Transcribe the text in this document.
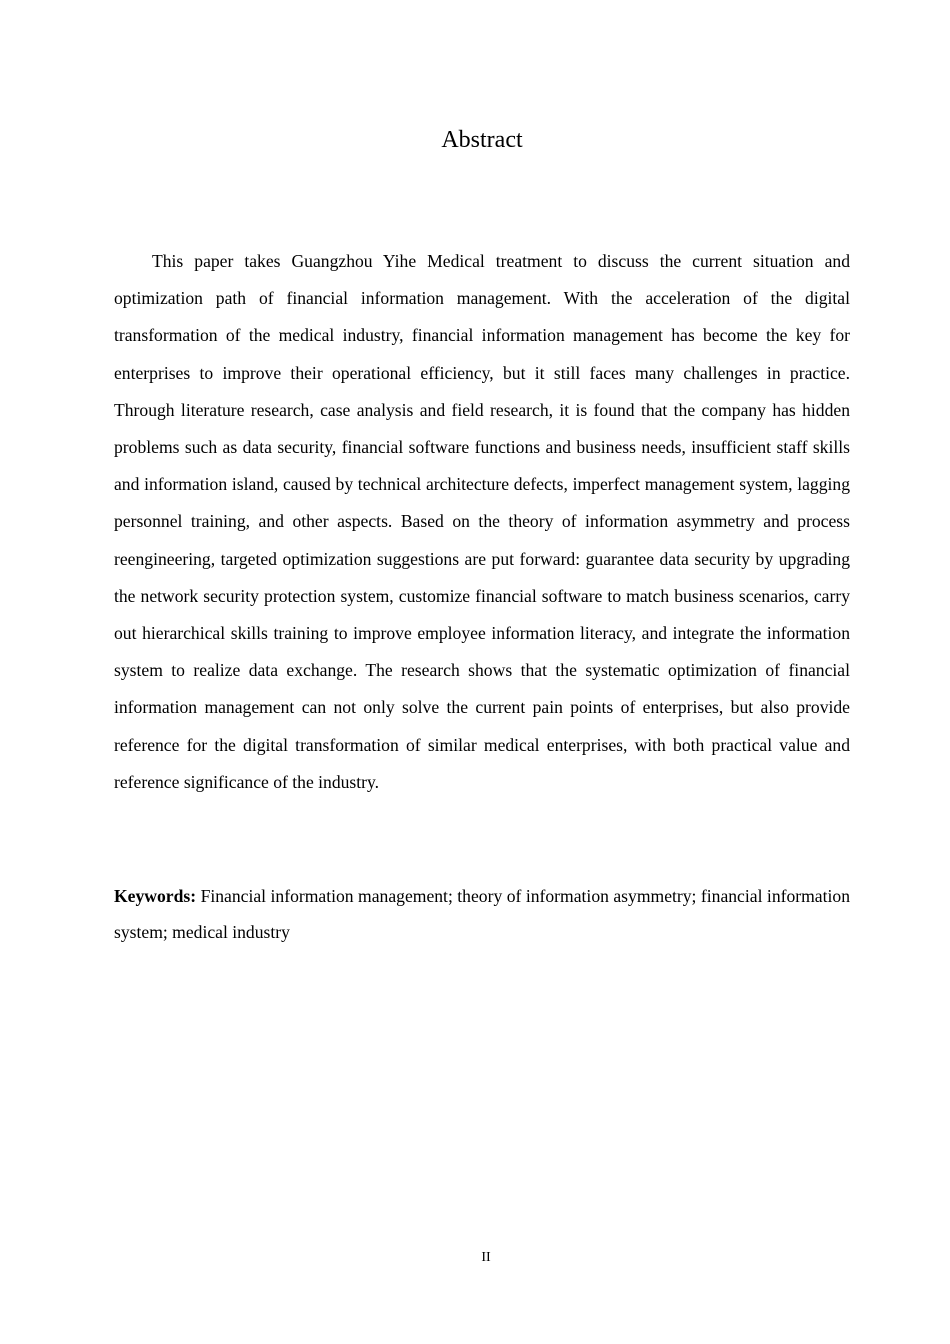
Abstract

This paper takes Guangzhou Yihe Medical treatment to discuss the current situation and optimization path of financial information management. With the acceleration of the digital transformation of the medical industry, financial information management has become the key for enterprises to improve their operational efficiency, but it still faces many challenges in practice. Through literature research, case analysis and field research, it is found that the company has hidden problems such as data security, financial software functions and business needs, insufficient staff skills and information island, caused by technical architecture defects, imperfect management system, lagging personnel training, and other aspects. Based on the theory of information asymmetry and process reengineering, targeted optimization suggestions are put forward: guarantee data security by upgrading the network security protection system, customize financial software to match business scenarios, carry out hierarchical skills training to improve employee information literacy, and integrate the information system to realize data exchange. The research shows that the systematic optimization of financial information management can not only solve the current pain points of enterprises, but also provide reference for the digital transformation of similar medical enterprises, with both practical value and reference significance of the industry.

Keywords: Financial information management; theory of information asymmetry; financial information system; medical industry

II
